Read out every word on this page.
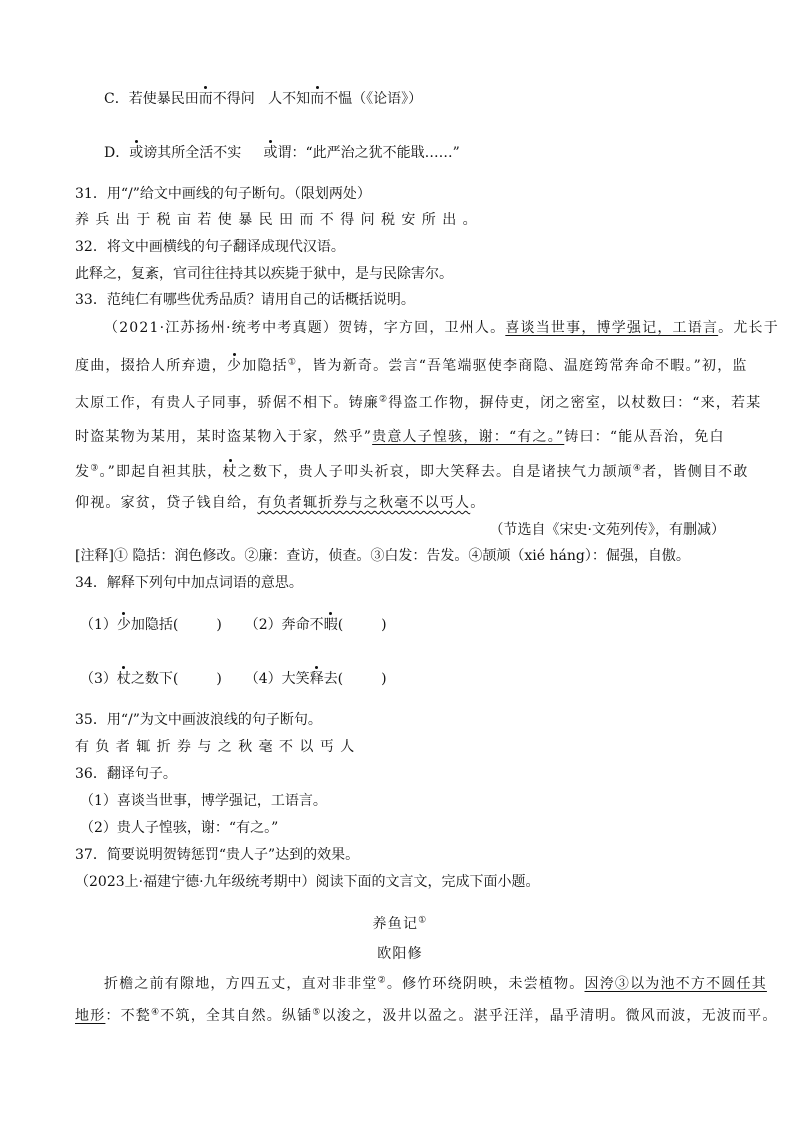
C．若使暴民田而不得问   人不知而不愠（《论语》）
D．或谤其所全活不实     或谓：“此严治之犹不能戢……”
31．用“/”给文中画线的句子断句。（限划两处）
养兵出于税亩若使暴民田而不得问税安所出。
32．将文中画横线的句子翻译成现代汉语。
此释之，复紊，官司往往持其以疾毙于狱中，是与民除害尔。
33．范纯仁有哪些优秀品质？请用自己的话概括说明。
（2021·江苏扬州·统考中考真题）贺铸，字方回，卫州人。喜谈当世事，博学强记，工语言。尤长于
度曲，掇拾人所弃遗，少加隐括①，皆为新奇。尝言“吾笔端驱使李商隐、温庭筠常奔命不暇。”初，监
太原工作，有贵人子同事，骄倨不相下。铸廉②得盗工作物，摒侍吏，闭之密室，以杖数曰：“来，若某
时盗某物为某用，某时盗某物入于家，然乎”贵意人子惶骇，谢：“有之。”铸曰：“能从吾治，免白
发③。”即起自袒其肤，杖之数下，贵人子叩头祈哀，即大笑释去。自是诸挟气力颉颃④者，皆侧目不敢
仰视。家贫，贷子钱自给，有负者辄折券与之秋毫不以丐人。
（节选自《宋史·文苑列传》，有删减）
[注释]① 隐括：润色修改。②廉：查访，侦查。③白发：告发。④颉颃（xié háng）：倔强，自傲。
34．解释下列句中加点词语的意思。
（1）少加隐括(	) （2）奔命不暇(	)
（3）杖之数下(	) （4）大笑释去(	)
35．用“/”为文中画波浪线的句子断句。
有负者辄折券与之秋毫不以丐人
36．翻译句子。
（1）喜谈当世事，博学强记，工语言。
（2）贵人子惶骇，谢：“有之。”
37．简要说明贺铸惩罚“贵人子”达到的效果。
（2023上·福建宁德·九年级统考期中）阅读下面的文言文，完成下面小题。
养鱼记①
欧阳修
折檐之前有隙地，方四五丈，直对非非堂②。修竹环绕阴映，未尝植物。因洿③以为池不方不圆任其
地形：不甃④不筑，全其自然。纵锸⑤以浚之，汲井以盈之。湛乎汪洋，晶乎清明。微风而波，无波而平。
